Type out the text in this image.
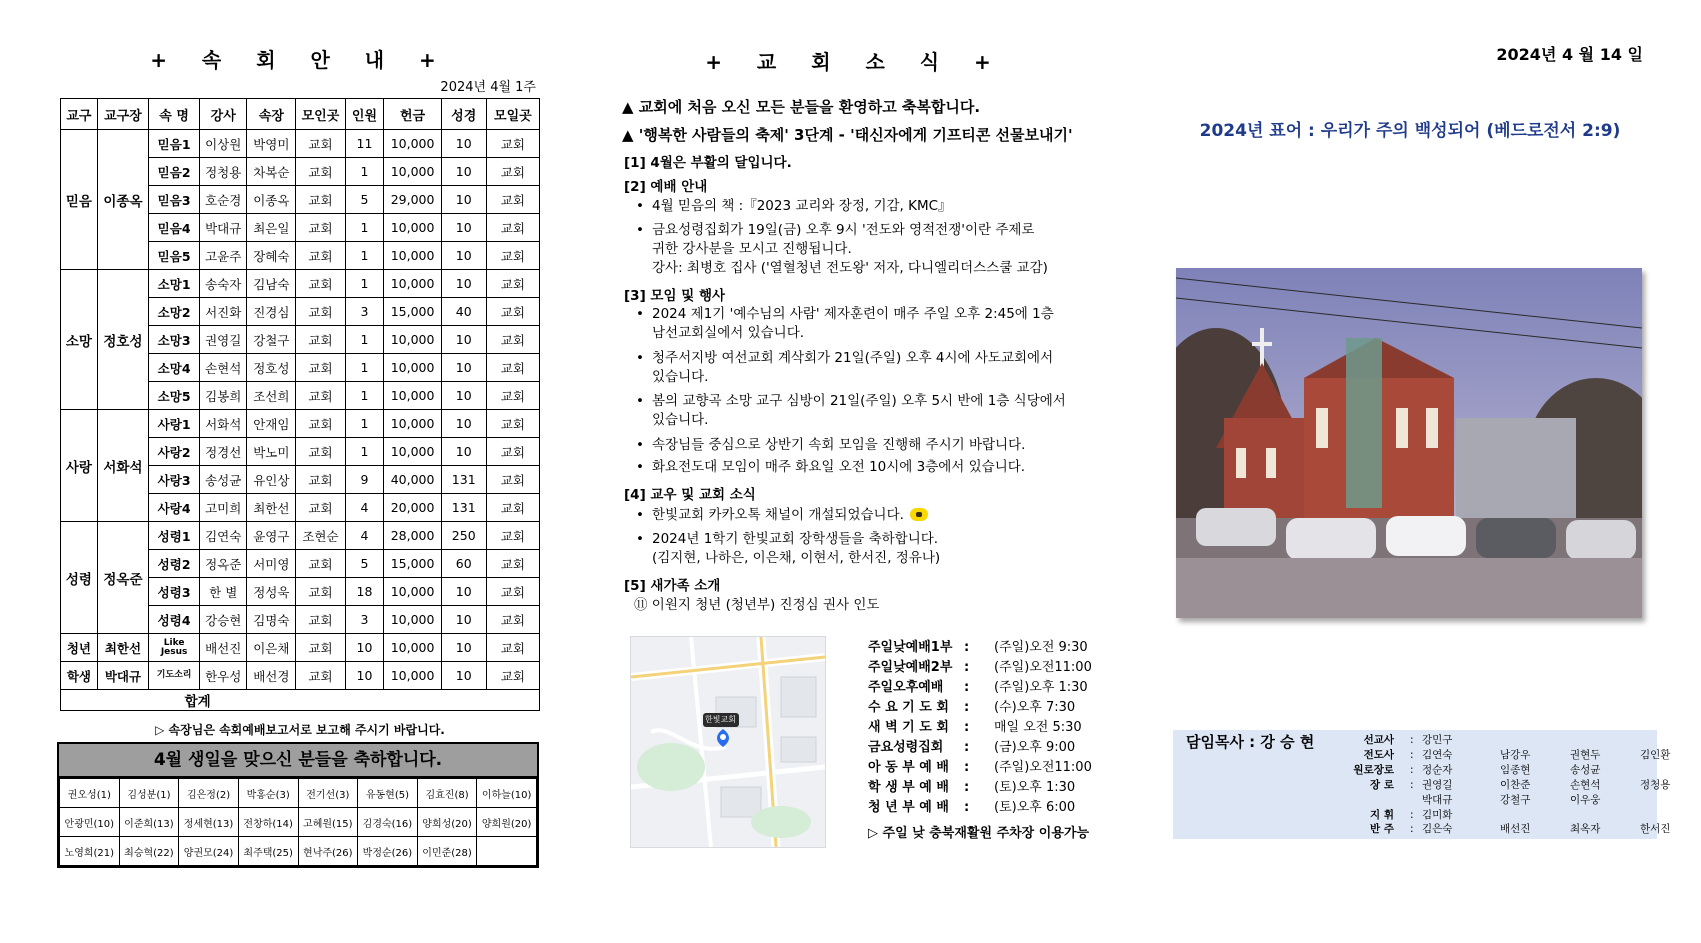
+ 속 회 안 내 +
2024년 4월 1주
교구	교구장	속 명	강사	속장	모인곳	인원	헌금	성경	모일곳
믿음	이종옥	믿음1	이상원	박영미	교회	11	10,000	10	교회
		믿음2	정청용	차복순	교회	1	10,000	10	교회
		믿음3	호순경	이종옥	교회	5	29,000	10	교회
		믿음4	박대규	최은일	교회	1	10,000	10	교회
		믿음5	고윤주	장혜숙	교회	1	10,000	10	교회
소망	정호성	소망1	송숙자	김남숙	교회	1	10,000	10	교회
		소망2	서진화	진경심	교회	3	15,000	40	교회
		소망3	권영길	강철구	교회	1	10,000	10	교회
		소망4	손현석	정호성	교회	1	10,000	10	교회
		소망5	김봉희	조선희	교회	1	10,000	10	교회
사랑	서화석	사랑1	서화석	안재임	교회	1	10,000	10	교회
		사랑2	정경선	박노미	교회	1	10,000	10	교회
		사랑3	송성균	유인상	교회	9	40,000	131	교회
		사랑4	고미희	최한선	교회	4	20,000	131	교회
성령	정옥준	성령1	김연숙	윤영구	조현순	4	28,000	250	교회
		성령2	정옥준	서미영	교회	5	15,000	60	교회
		성령3	한 별	정성욱	교회	18	10,000	10	교회
		성령4	강승현	김명숙	교회	3	10,000	10	교회
청년	최한선	Like Jesus	배선진	이은채	교회	10	10,000	10	교회
학생	박대규	기도소리	한우성	배선경	교회	10	10,000	10	교회
		합계							
▷ 속장님은 속회예배보고서로 보고해 주시기 바랍니다.
4월 생일을 맞으신 분들을 축하합니다.
권오성(1)	김성분(1)	김은정(2)	박홍순(3)	전기선(3)	유동현(5)	김효진(8)	이하늘(10)
안광민(10)	이준희(13)	정세현(13)	전창하(14)	고혜원(15)	김경숙(16)	양희성(20)	양희원(20)
노영희(21)	최승혁(22)	양권모(24)	최주택(25)	현낙주(26)	박정순(26)	이민준(28)	
+ 교 회 소 식 +
▲ 교회에 처음 오신 모든 분들을 환영하고 축복합니다.
▲ '행복한 사람들의 축제' 3단계 - '태신자에게 기프티콘 선물보내기'
[1] 4월은 부활의 달입니다.
[2] 예배 안내
• 4월 믿음의 책 :『2023 교리와 장정, 기감, KMC』
• 금요성령집회가 19일(금) 오후 9시 '전도와 영적전쟁'이란 주제로
귀한 강사분을 모시고 진행됩니다.
강사: 최병호 집사 ('열혈청년 전도왕' 저자, 다니엘리더스스쿨 교감)
[3] 모임 및 행사
• 2024 제1기 '예수님의 사람' 제자훈련이 매주 주일 오후 2:45에 1층
남선교회실에서 있습니다.
• 청주서지방 여선교회 계삭회가 21일(주일) 오후 4시에 사도교회에서
있습니다.
• 봄의 교향곡 소망 교구 심방이 21일(주일) 오후 5시 반에 1층 식당에서
있습니다.
• 속장님들 중심으로 상반기 속회 모임을 진행해 주시기 바랍니다.
• 화요전도대 모임이 매주 화요일 오전 10시에 3층에서 있습니다.
[4] 교우 및 교회 소식
• 한빛교회 카카오톡 채널이 개설되었습니다.
• 2024년 1학기 한빛교회 장학생들을 축하합니다.
(김지현, 나하은, 이은채, 이현서, 한서진, 정유나)
[5] 새가족 소개
⑪ 이원지 청년 (청년부) 진정심 권사 인도
한빛교회
주일낮예배1부 : (주일)오전 9:30
주일낮예배2부 : (주일)오전11:00
주일오후예배 : (주일)오후 1:30
수 요 기 도 회 : (수)오후 7:30
새 벽 기 도 회 : 매일 오전 5:30
금요성령집회 : (금)오후 9:00
아 동 부 예 배 : (주일)오전11:00
학 생 부 예 배 : (토)오후 1:30
청 년 부 예 배 : (토)오후 6:00
▷ 주일 낮 충북재활원 주차장 이용가능
2024년 4 월 14 일
2024년 표어 : 우리가 주의 백성되어 (베드로전서 2:9)
담임목사 : 강 승 현	선교사 : 강민구
전도사 : 김연숙	남강우	권현두	김인환
원로장로 : 정순자	임종현	송성균
장 로 : 권영길	이찬준	손현석	정청용
박대규	강철구	이우웅
지 휘 : 김미화
반 주 : 김은숙	배선진	최옥자	한서진
